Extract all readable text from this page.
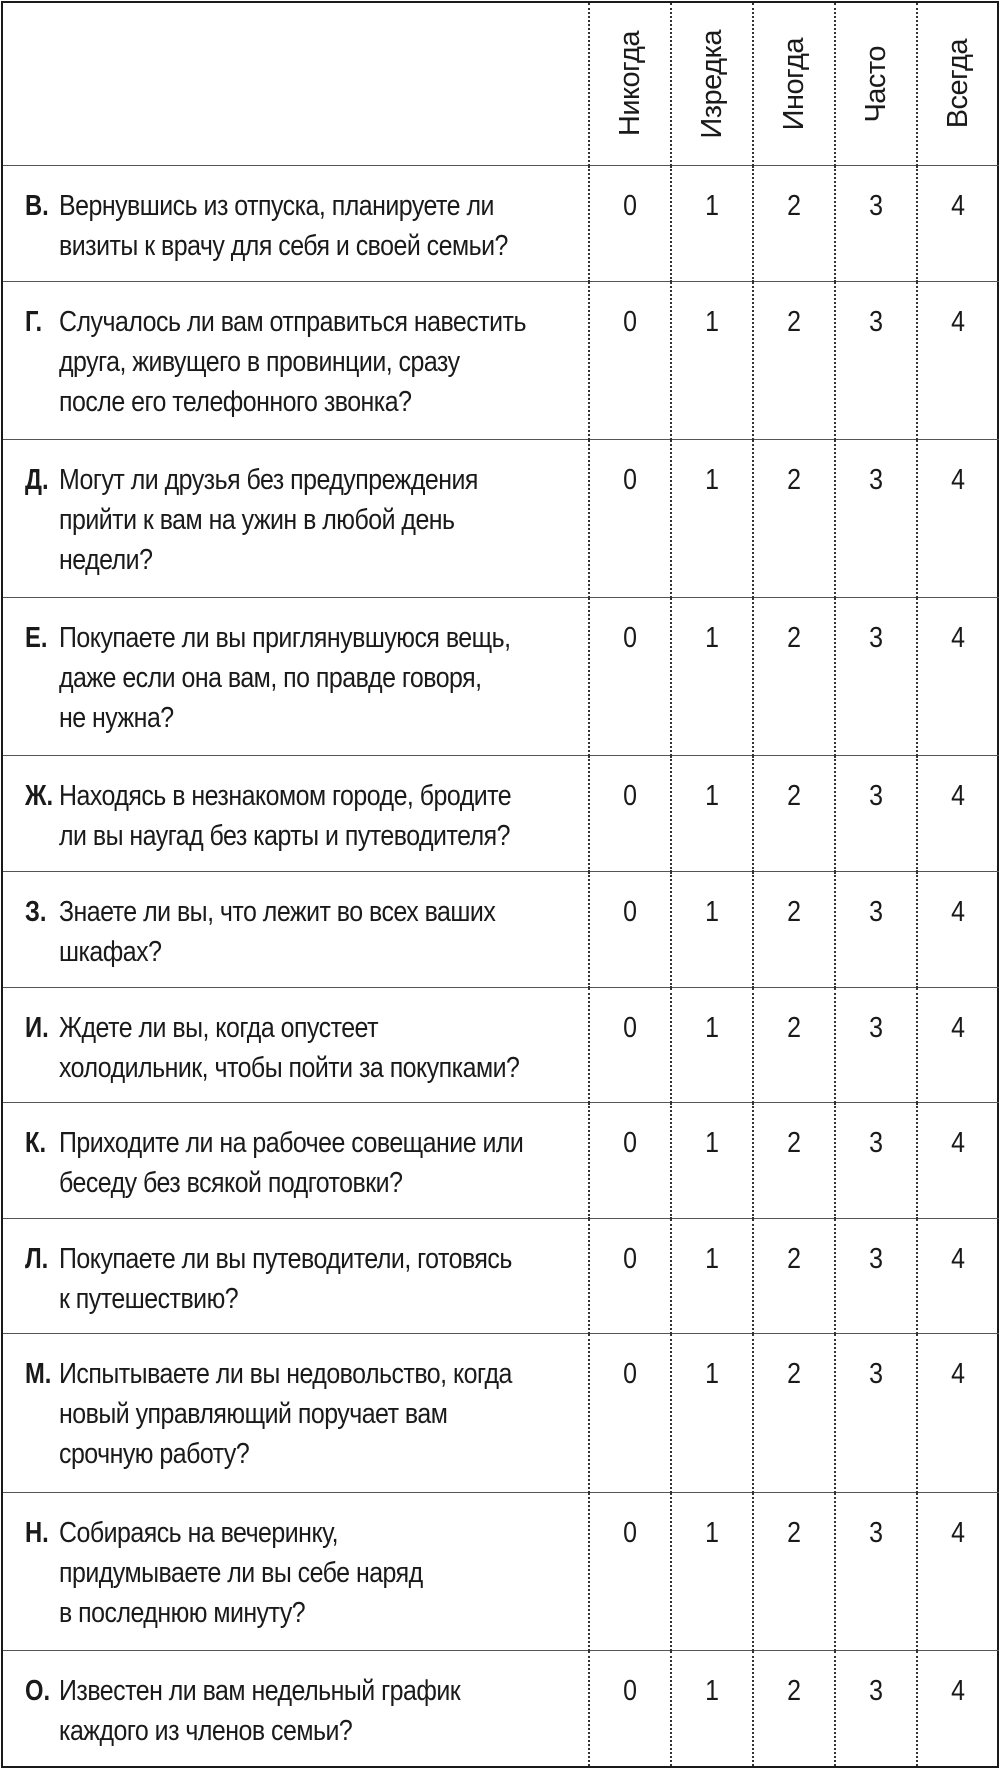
	Никогда	Изредка	Иногда	Часто	Всегда

В. Вернувшись из отпуска, планируете ли
визиты к врачу для себя и своей семьи?	0	1	2	3	4

Г. Случалось ли вам отправиться навестить
друга, живущего в провинции, сразу
после его телефонного звонка?	0	1	2	3	4

Д. Могут ли друзья без предупреждения
прийти к вам на ужин в любой день
недели?	0	1	2	3	4

Е. Покупаете ли вы приглянувшуюся вещь,
даже если она вам, по правде говоря,
не нужна?	0	1	2	3	4

Ж. Находясь в незнакомом городе, бродите
ли вы наугад без карты и путеводителя?	0	1	2	3	4

З. Знаете ли вы, что лежит во всех ваших
шкафах?	0	1	2	3	4

И. Ждете ли вы, когда опустеет
холодильник, чтобы пойти за покупками?	0	1	2	3	4

К. Приходите ли на рабочее совещание или
беседу без всякой подготовки?	0	1	2	3	4

Л. Покупаете ли вы путеводители, готовясь
к путешествию?	0	1	2	3	4

М. Испытываете ли вы недовольство, когда
новый управляющий поручает вам
срочную работу?	0	1	2	3	4

Н. Собираясь на вечеринку,
придумываете ли вы себе наряд
в последнюю минуту?	0	1	2	3	4

О. Известен ли вам недельный график
каждого из членов семьи?	0	1	2	3	4
